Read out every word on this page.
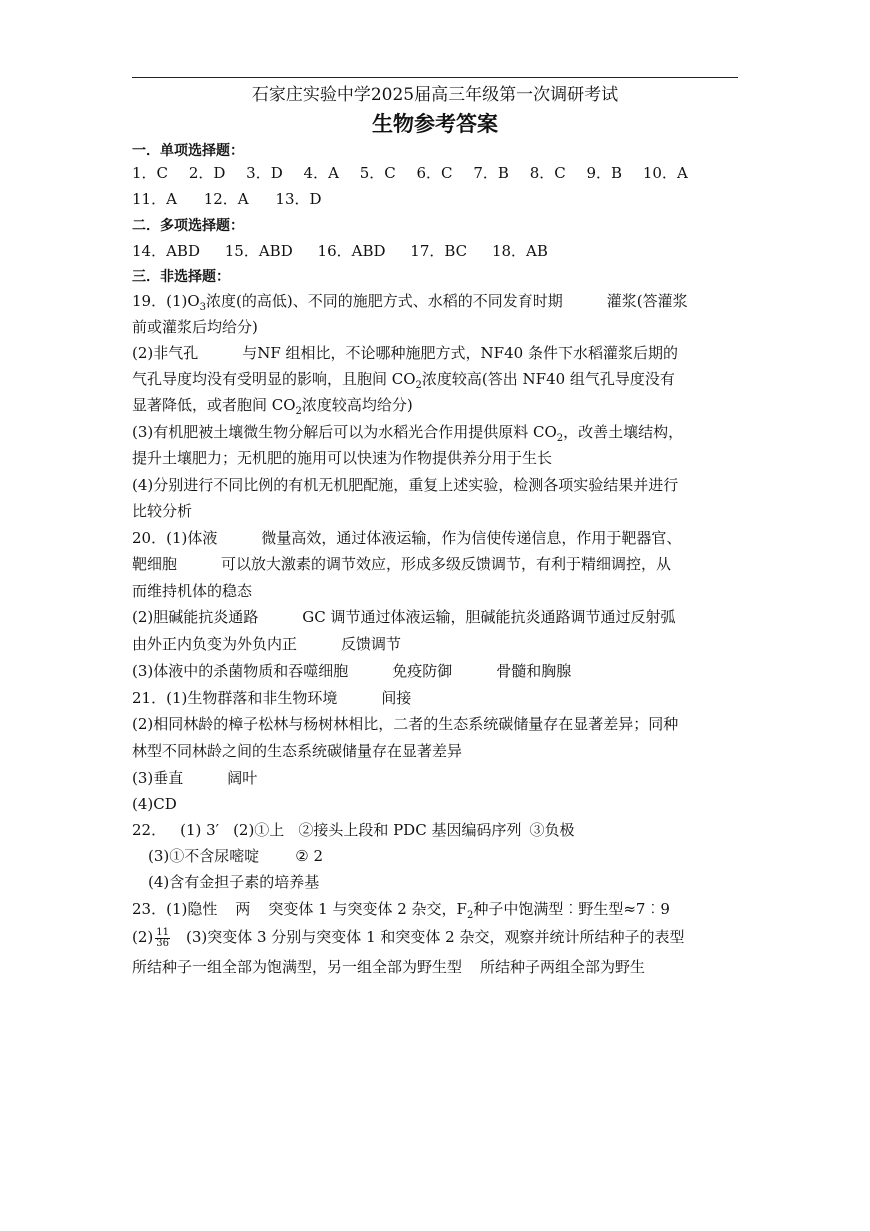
石家庄实验中学2025届高三年级第一次调研考试
生物参考答案
一．单项选择题：
1．C 2．D 3．D 4．A 5．C 6．C 7．B 8．C 9．B 10．A
11．A 12．A 13．D
二．多项选择题：
14．ABD 15．ABD 16．ABD 17．BC 18．AB
三．非选择题：
19．$(1)O_3$浓度(的高低)、不同的施肥方式、水稻的不同发育时期	灌浆(答灌浆
前或灌浆后均给分)
(2)非气孔	与NF 组相比，不论哪种施肥方式，NF40 条件下水稻灌浆后期的
气孔导度均没有受明显的影响，且胞间 $CO_2$浓度较高(答出 NF40 组气孔导度没有
显著降低，或者胞间 $CO_2$浓度较高均给分)
(3)有机肥被土壤微生物分解后可以为水稻光合作用提供原料 $CO_2$，改善土壤结构，
提升土壤肥力；无机肥的施用可以快速为作物提供养分用于生长
(4)分别进行不同比例的有机无机肥配施，重复上述实验，检测各项实验结果并进行
比较分析
20．(1)体液	微量高效，通过体液运输，作为信使传递信息，作用于靶器官、
靶细胞	可以放大激素的调节效应，形成多级反馈调节，有利于精细调控，从
而维持机体的稳态
(2)胆碱能抗炎通路	GC 调节通过体液运输，胆碱能抗炎通路调节通过反射弧
由外正内负变为外负内正	反馈调节
(3)体液中的杀菌物质和吞噬细胞	免疫防御	骨髓和胸腺
21．(1)生物群落和非生物环境	间接
(2)相同林龄的樟子松林与杨树林相比，二者的生态系统碳储量存在显著差异；同种
林型不同林龄之间的生态系统碳储量存在显著差异
(3)垂直	阔叶
(4)CD
22． (1) 3′ (2)①上 ②接头上段和 PDC 基因编码序列 ③负极
(3)①不含尿嘧啶 ② 2
(4)含有金担子素的培养基
23．(1)隐性 两 突变体 1 与突变体 2 杂交，$F_2$种子中饱满型︰野生型≈7︰9
$(2) \frac{11}{36} (3)$突变体 3 分别与突变体 1 和突变体 2 杂交，观察并统计所结种子的表型
所结种子一组全部为饱满型，另一组全部为野生型 所结种子两组全部为野生
